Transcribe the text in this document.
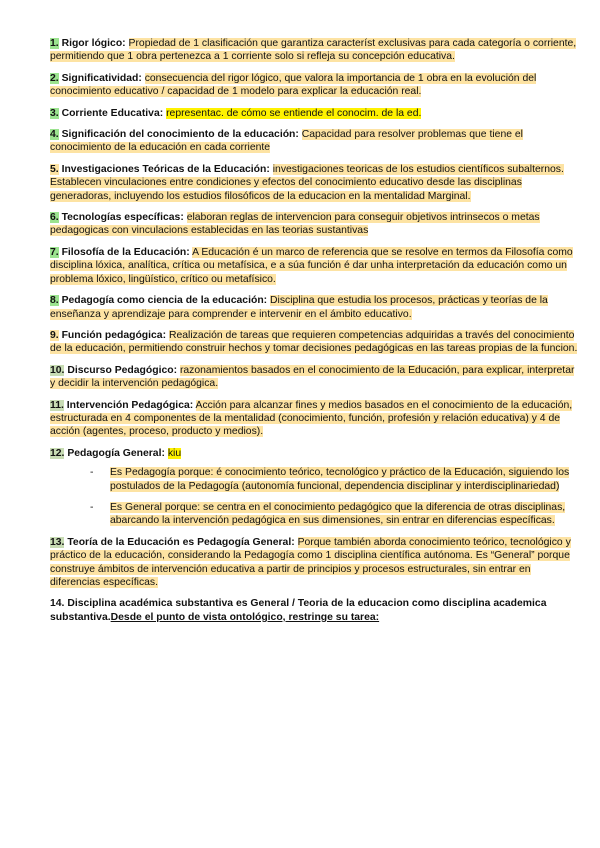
1. Rigor lógico: Propiedad de 1 clasificación que garantiza característ exclusivas para cada categoría o corriente, permitiendo que 1 obra pertenezca a 1 corriente solo si refleja su concepción educativa.
2. Significatividad: consecuencia del rigor lógico, que valora la importancia de 1 obra en la evolución del conocimiento educativo / capacidad de 1 modelo para explicar la educación real.
3. Corriente Educativa: representac. de cómo se entiende el conocim. de la ed.
4. Significación del conocimiento de la educación: Capacidad para resolver problemas que tiene el conocimiento de la educación en cada corriente
5. Investigaciones Teóricas de la Educación: investigaciones teoricas de los estudios científicos subalternos. Establecen vinculaciones entre condiciones y efectos del conocimiento educativo desde las disciplinas generadoras, incluyendo los estudios filosóficos de la educacion en la mentalidad Marginal.
6. Tecnologías específicas: elaboran reglas de intervencion para conseguir objetivos intrinsecos o metas pedagogicas con vinculacions establecidas en las teorias sustantivas
7. Filosofía de la Educación: A Educación é un marco de referencia que se resolve en termos da Filosofía como disciplina lóxica, analítica, crítica ou metafísica, e a súa función é dar unha interpretación da educación como un problema lóxico, lingüístico, crítico ou metafísico.
8. Pedagogía como ciencia de la educación: Disciplina que estudia los procesos, prácticas y teorías de la enseñanza y aprendizaje para comprender e intervenir en el ámbito educativo.
9. Función pedagógica: Realización de tareas que requieren competencias adquiridas a través del conocimiento de la educación, permitiendo construir hechos y tomar decisiones pedagógicas en las tareas propias de la funcion.
10. Discurso Pedagógico: razonamientos basados en el conocimiento de la Educación, para explicar, interpretar y decidir la intervención pedagógica.
11. Intervención Pedagógica: Acción para alcanzar fines y medios basados en el conocimiento de la educación, estructurada en 4 componentes de la mentalidad (conocimiento, función, profesión y relación educativa) y 4 de acción (agentes, proceso, producto y medios).
12. Pedagogía General: kiu
- Es Pedagogía porque: é conocimiento teórico, tecnológico y práctico de la Educación, siguiendo los postulados de la Pedagogía (autonomía funcional, dependencia disciplinar y interdisciplinariedad)
- Es General porque: se centra en el conocimiento pedagógico que la diferencia de otras disciplinas, abarcando la intervención pedagógica en sus dimensiones, sin entrar en diferencias específicas.
13. Teoría de la Educación es Pedagogía General: Porque también aborda conocimiento teórico, tecnológico y práctico de la educación, considerando la Pedagogía como 1 disciplina científica autónoma. Es “General” porque construye ámbitos de intervención educativa a partir de principios y procesos estructurales, sin entrar en diferencias específicas.
14. Disciplina académica substantiva es General / Teoria de la educacion como disciplina academica substantiva.Desde el punto de vista ontológico, restringe su tarea:
